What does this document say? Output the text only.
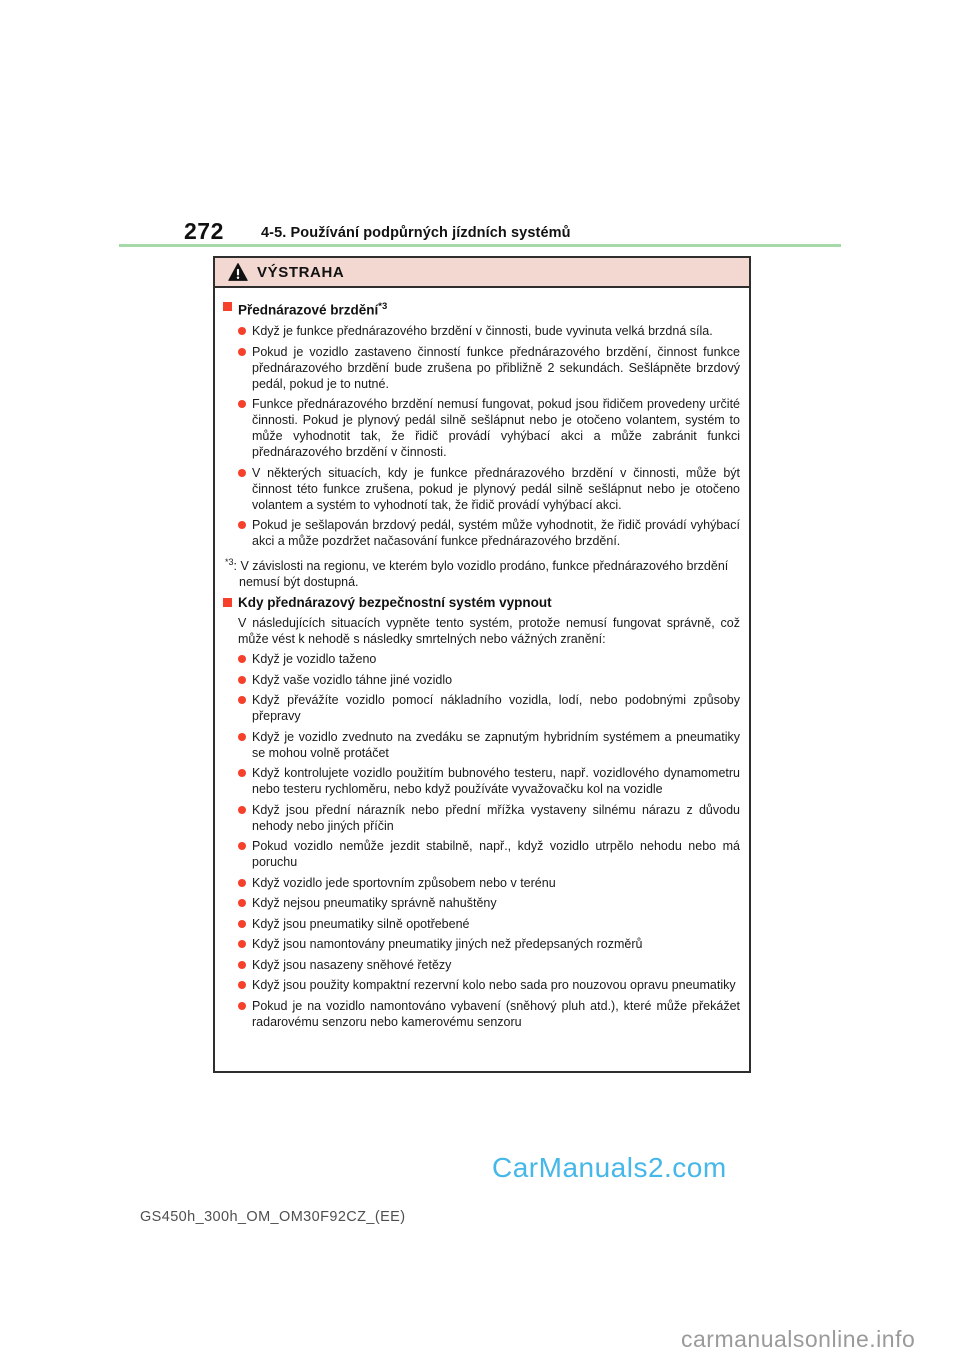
272	4-5. Používání podpůrných jízdních systémů
VÝSTRAHA
Přednárazové brzdění$^{*3}$

Když je funkce přednárazového brzdění v činnosti, bude vyvinuta velká brzdná síla.

Pokud je vozidlo zastaveno činností funkce přednárazového brzdění, činnost funkce přednárazového brzdění bude zrušena po přibližně 2 sekundách. Sešlápněte brzdový pedál, pokud je to nutné.

Funkce přednárazového brzdění nemusí fungovat, pokud jsou řidičem provedeny určité činnosti. Pokud je plynový pedál silně sešlápnut nebo je otočeno volantem, systém to může vyhodnotit tak, že řidič provádí vyhýbací akci a může zabránit funkci přednárazového brzdění v činnosti.

V některých situacích, kdy je funkce přednárazového brzdění v činnosti, může být činnost této funkce zrušena, pokud je plynový pedál silně sešlápnut nebo je otočeno volantem a systém to vyhodnotí tak, že řidič provádí vyhýbací akci.

Pokud je sešlapován brzdový pedál, systém může vyhodnotit, že řidič provádí vyhýbací akci a může pozdržet načasování funkce přednárazového brzdění.

$^{*3}$: V závislosti na regionu, ve kterém bylo vozidlo prodáno, funkce přednárazového brzdění nemusí být dostupná.
Kdy přednárazový bezpečnostní systém vypnout

V následujících situacích vypněte tento systém, protože nemusí fungovat správně, což může vést k nehodě s následky smrtelných nebo vážných zranění:

Když je vozidlo taženo

Když vaše vozidlo táhne jiné vozidlo

Když převážíte vozidlo pomocí nákladního vozidla, lodí, nebo podobnými způsoby přepravy

Když je vozidlo zvednuto na zvedáku se zapnutým hybridním systémem a pneumatiky se mohou volně protáčet

Když kontrolujete vozidlo použitím bubnového testeru, např. vozidlového dynamometru nebo testeru rychloměru, nebo když používáte vyvažovačku kol na vozidle

Když jsou přední nárazník nebo přední mřížka vystaveny silnému nárazu z důvodu nehody nebo jiných příčin

Pokud vozidlo nemůže jezdit stabilně, např., když vozidlo utrpělo nehodu nebo má poruchu

Když vozidlo jede sportovním způsobem nebo v terénu

Když nejsou pneumatiky správně nahuštěny

Když jsou pneumatiky silně opotřebené

Když jsou namontovány pneumatiky jiných než předepsaných rozměrů

Když jsou nasazeny sněhové řetězy

Když jsou použity kompaktní rezervní kolo nebo sada pro nouzovou opravu pneumatiky

Pokud je na vozidlo namontováno vybavení (sněhový pluh atd.), které může překážet radarovému senzoru nebo kamerovému senzoru

CarManuals2.com
GS450h_300h_OM_OM30F92CZ_(EE)
carmanualsonline.info
